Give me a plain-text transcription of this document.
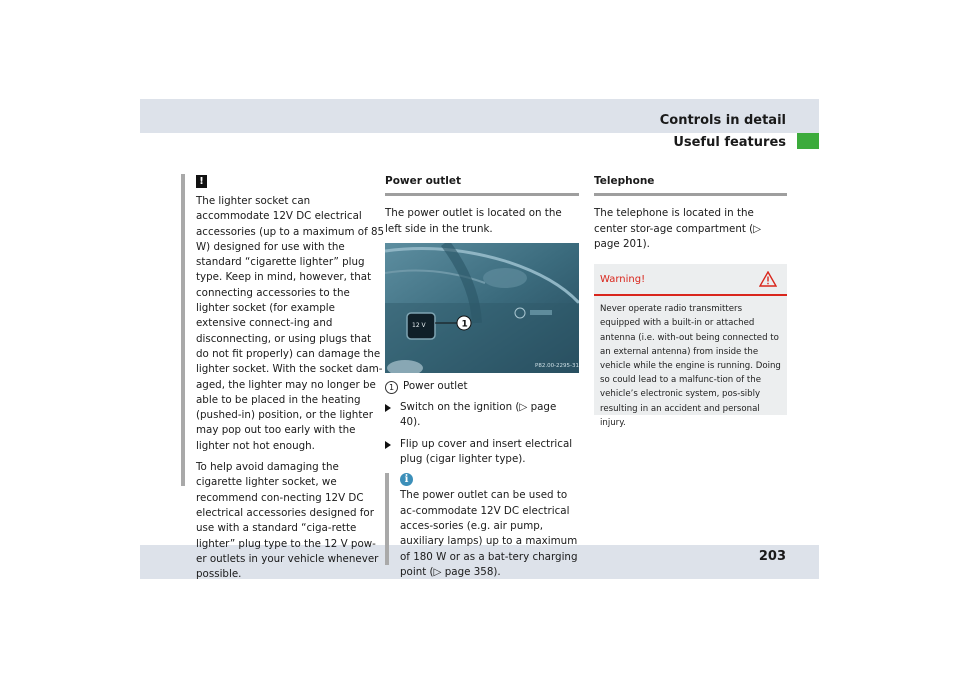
Controls in detail
Useful features
203
!

The lighter socket can accommodate 12V DC electrical accessories (up to a maximum of 85 W) designed for use with the standard “cigarette lighter” plug type. Keep in mind, however, that connecting accessories to the lighter socket (for example extensive connect-ing and disconnecting, or using plugs that do not fit properly) can damage the lighter socket. With the socket dam-aged, the lighter may no longer be able to be placed in the heating (pushed-in) position, or the lighter may pop out too early with the lighter not hot enough.

To help avoid damaging the cigarette lighter socket, we recommend con-necting 12V DC electrical accessories designed for use with a standard “ciga-rette lighter” plug type to the 12 V pow-er outlets in your vehicle whenever possible.

Power outlet

The power outlet is located on the left side in the trunk.

12 V	1
P82.00-2295-31
1 Power outlet
Switch on the ignition (▷ page 40).
Flip up cover and insert electrical plug (cigar lighter type).
i
The power outlet can be used to ac-commodate 12V DC electrical acces-sories (e.g. air pump, auxiliary lamps) up to a maximum of 180 W or as a bat-tery charging point (▷ page 358).
Telephone

The telephone is located in the center stor-age compartment (▷ page 201).

Warning!
Never operate radio transmitters equipped with a built-in or attached antenna (i.e. with-out being connected to an external antenna) from inside the vehicle while the engine is running. Doing so could lead to a malfunc-tion of the vehicle’s electronic system, pos-sibly resulting in an accident and personal injury.
